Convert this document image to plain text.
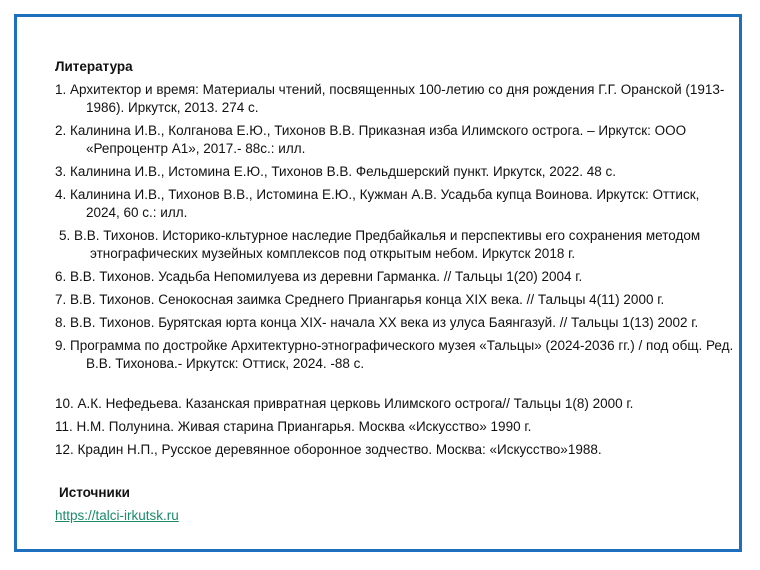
Литература
1. Архитектор и время: Материалы чтений, посвященных 100-летию со дня рождения Г.Г. Оранской (1913-1986). Иркутск, 2013. 274 с.
2. Калинина И.В., Колганова Е.Ю., Тихонов В.В. Приказная изба Илимского острога. – Иркутск: ООО «Репроцентр А1», 2017.- 88с.: илл.
3. Калинина И.В., Истомина Е.Ю., Тихонов В.В. Фельдшерский пункт. Иркутск, 2022. 48 с.
4. Калинина И.В., Тихонов В.В., Истомина Е.Ю., Кужман А.В. Усадьба купца Воинова. Иркутск: Оттиск, 2024, 60 с.: илл.
5. В.В. Тихонов. Историко-кльтурное наследие Предбайкалья и перспективы его сохранения методом этнографических музейных комплексов под открытым небом. Иркутск 2018 г.
6. В.В. Тихонов. Усадьба Непомилуева из деревни Гарманка. // Тальцы 1(20) 2004 г.
7. В.В. Тихонов. Сенокосная заимка Среднего Приангарья конца XIX века. // Тальцы 4(11) 2000 г.
8. В.В. Тихонов. Бурятская юрта конца XIX- начала XX века из улуса Баянгазуй. // Тальцы 1(13) 2002 г.
9. Программа по достройке Архитектурно-этнографического музея «Тальцы» (2024-2036 гг.) / под общ. Ред. В.В. Тихонова.- Иркутск: Оттиск, 2024. -88 с.
10. А.К. Нефедьева. Казанская привратная церковь Илимского острога// Тальцы 1(8) 2000 г.
11. Н.М. Полунина. Живая старина Приангарья. Москва «Искусство» 1990 г.
12. Крадин Н.П., Русское деревянное оборонное зодчество. Москва: «Искусство»1988.
Источники
https://talci-irkutsk.ru
